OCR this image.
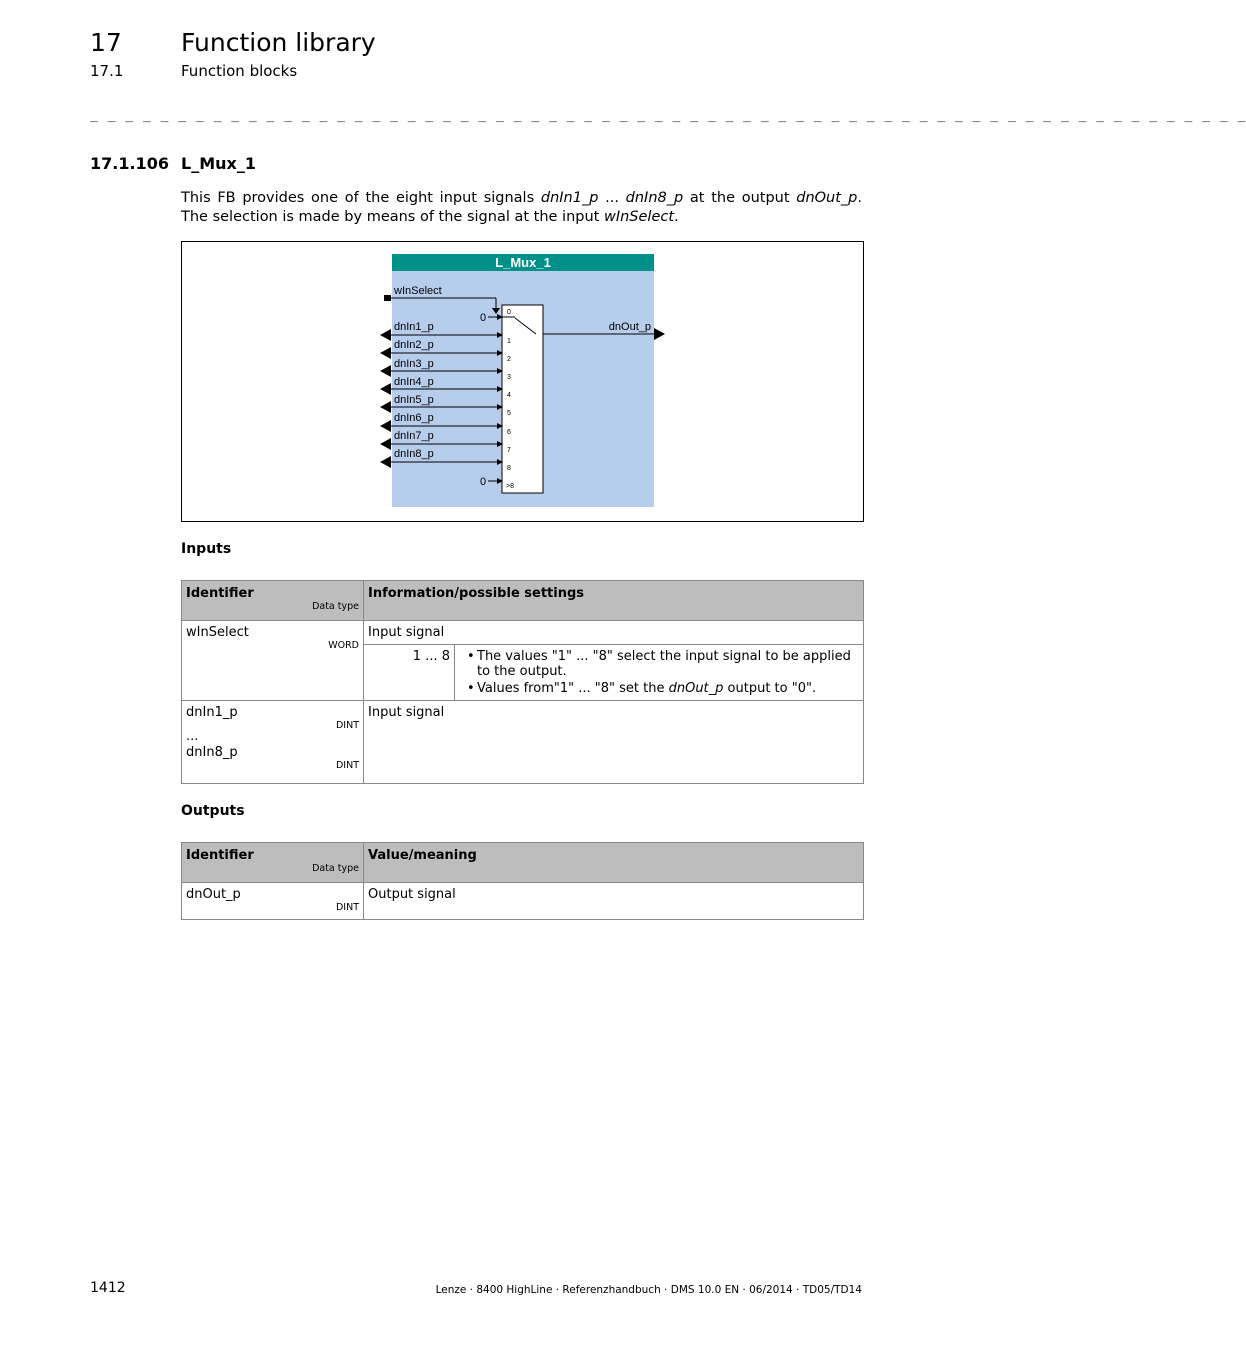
17 Function library
17.1	Function blocks
_ _ _ _ _ _ _ _ _ _ _ _ _ _ _ _ _ _ _ _ _ _ _ _ _ _ _ _ _ _ _ _ _ _ _ _ _ _ _ _ _ _ _ _ _ _ _ _ _ _ _ _ _ _ _ _ _ _ _ _ _ _ _ _ _ _
17.1.106 L_Mux_1
This FB provides one of the eight input signals dnIn1_p ... dnIn8_p at the output dnOut_p. The selection is made by means of the signal at the input wInSelect.
L_Mux_1
wInSelect
0
0
dnOut_p
dnIn1_p
dnIn2_p
dnIn3_p
dnIn4_p
dnIn5_p
dnIn6_p
dnIn7_p
dnIn8_p
0
1
2
3
4
5
6
7
8
>8
Inputs
Identifier
Data type	Information/possible settings	

wInSelect
WORD	Input signal	

	1 ... 8	• The values "1" ... "8" select the input signal to be applied to the output.
• Values from"1" ... "8" set the dnOut_p output to "0".

dnIn1_p
DINT
...
dnIn8_p
DINT	Input signal	
Outputs
Identifier
Data type	Value/meaning

dnOut_p
DINT	Output signal
1412	Lenze · 8400 HighLine · Referenzhandbuch · DMS 10.0 EN · 06/2014 · TD05/TD14
